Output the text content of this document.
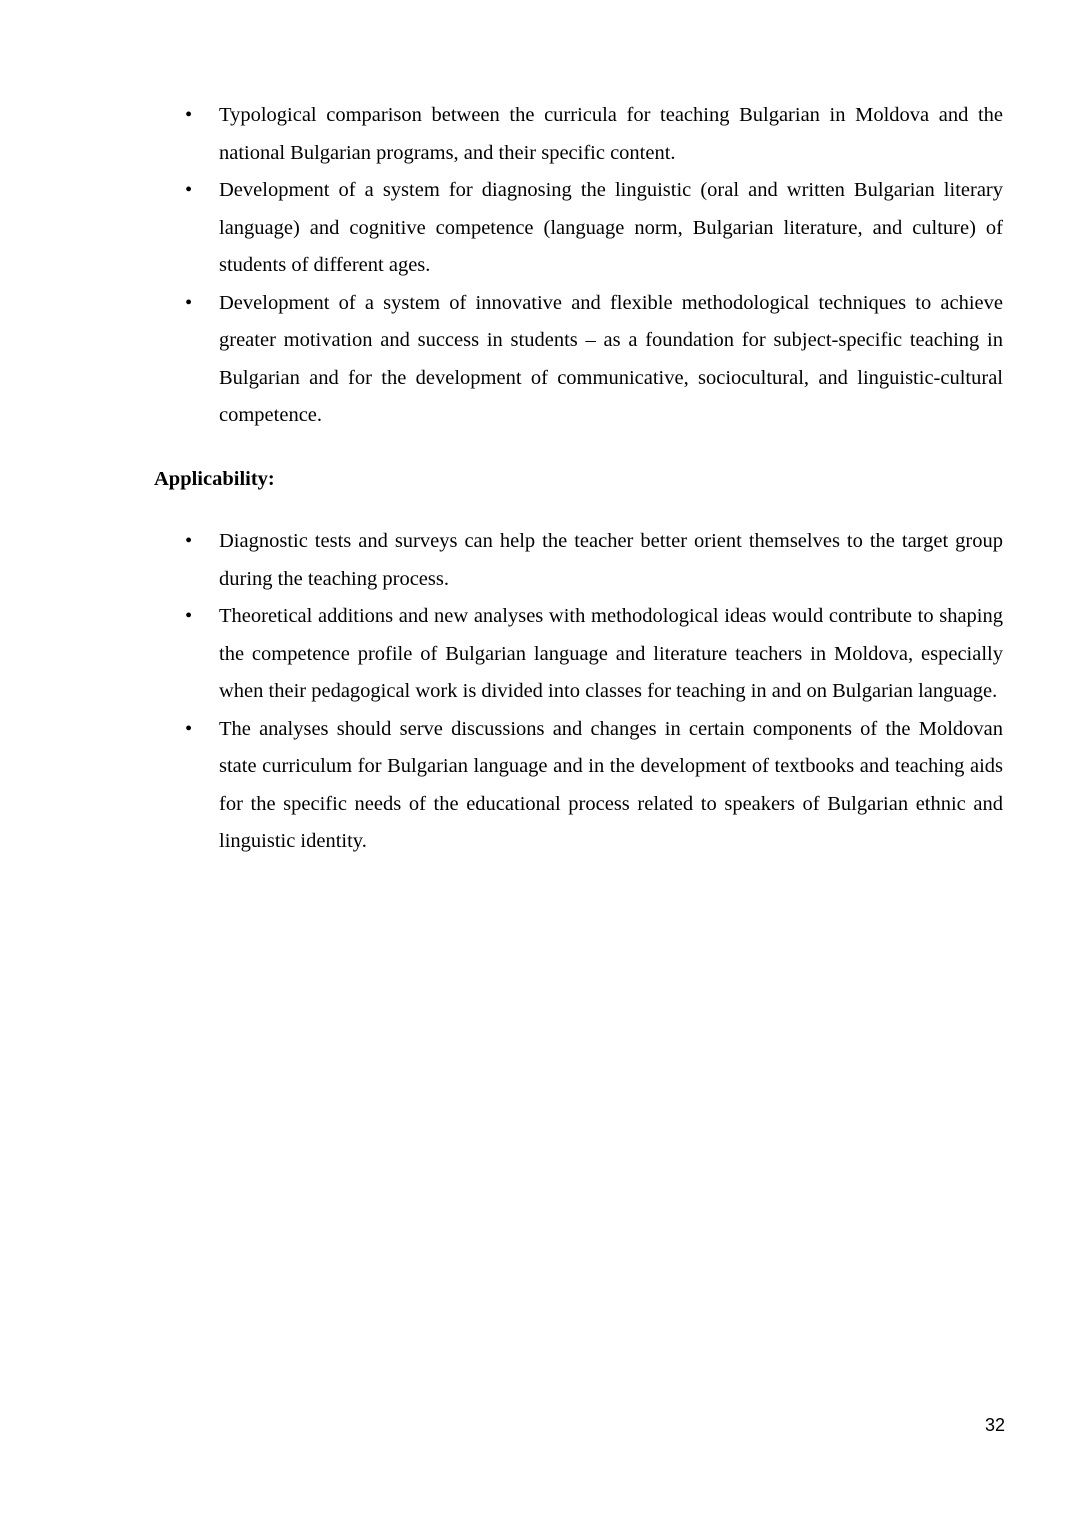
•	Typological comparison between the curricula for teaching Bulgarian in Moldova and the national Bulgarian programs, and their specific content.
•	Development of a system for diagnosing the linguistic (oral and written Bulgarian literary language) and cognitive competence (language norm, Bulgarian literature, and culture) of students of different ages.
•	Development of a system of innovative and flexible methodological techniques to achieve greater motivation and success in students – as a foundation for subject-specific teaching in Bulgarian and for the development of communicative, sociocultural, and linguistic-cultural competence.
Applicability:
•	Diagnostic tests and surveys can help the teacher better orient themselves to the target group during the teaching process.
•	Theoretical additions and new analyses with methodological ideas would contribute to shaping the competence profile of Bulgarian language and literature teachers in Moldova, especially when their pedagogical work is divided into classes for teaching in and on Bulgarian language.
•	The analyses should serve discussions and changes in certain components of the Moldovan state curriculum for Bulgarian language and in the development of textbooks and teaching aids for the specific needs of the educational process related to speakers of Bulgarian ethnic and linguistic identity.
32
